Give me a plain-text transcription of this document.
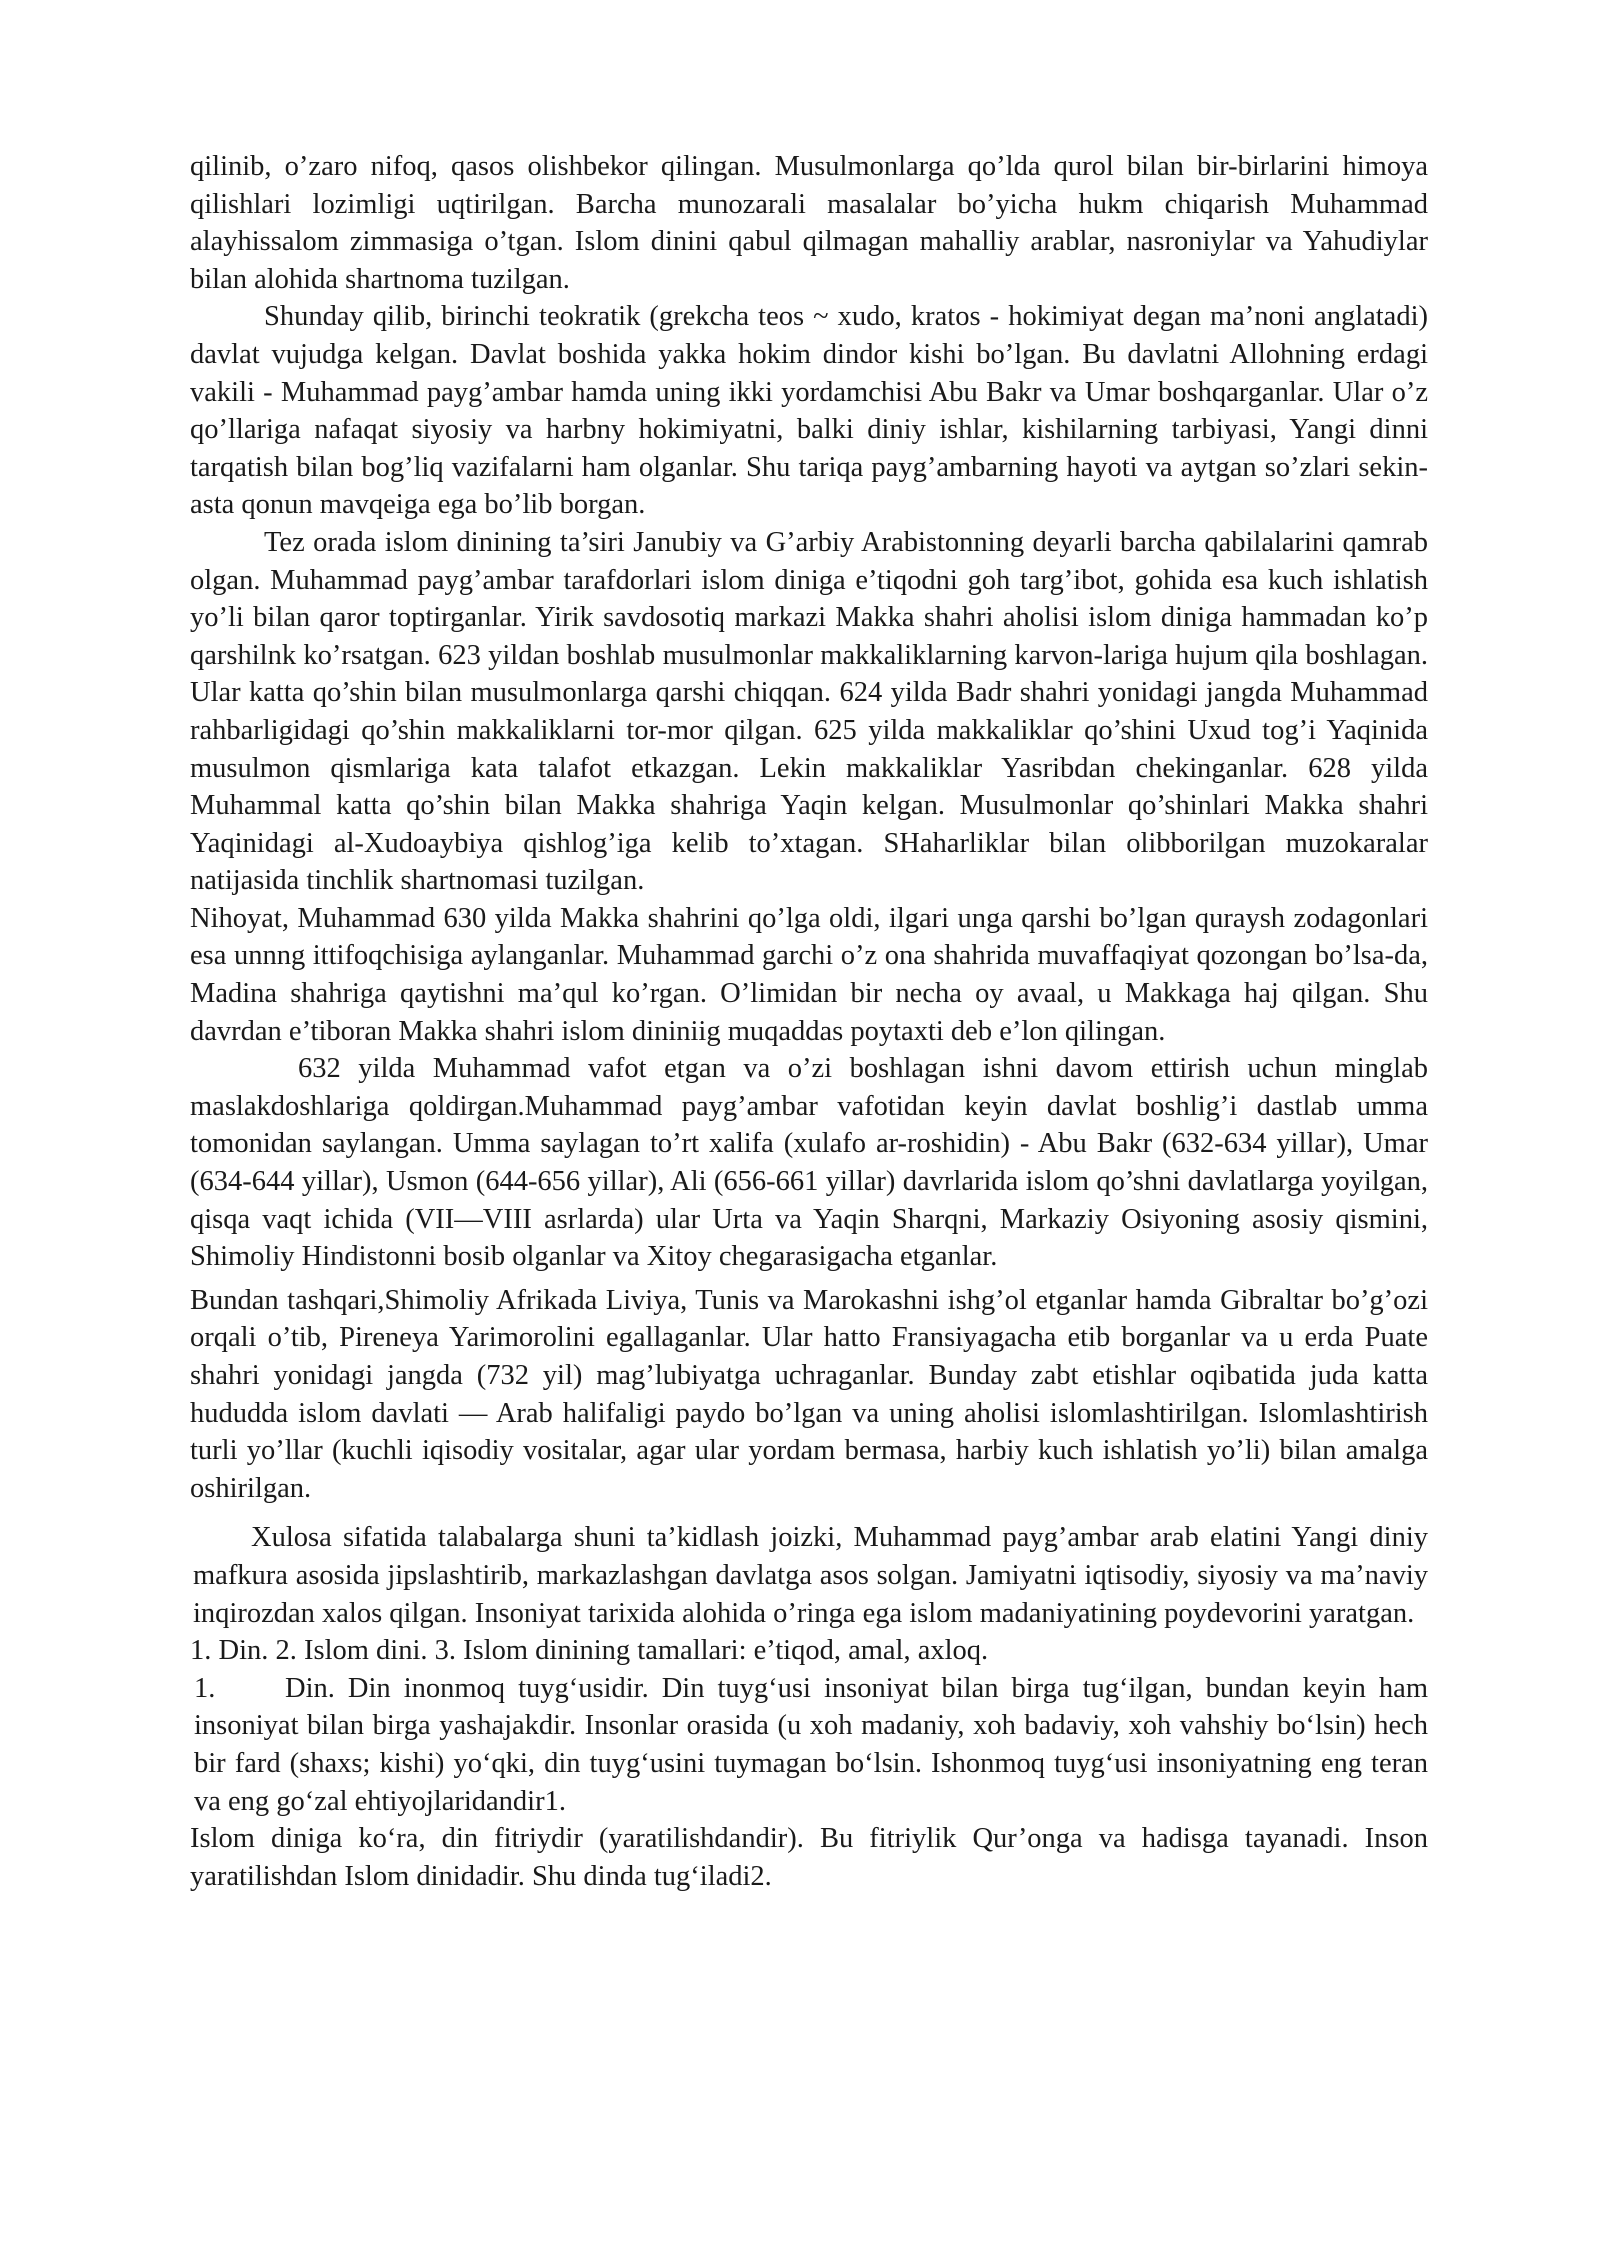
qilinib, o’zaro nifoq, qasos olishbekor qilingan. Musulmonlarga qo’lda qurol bilan bir-birlarini himoya qilishlari lozimligi uqtirilgan. Barcha munozarali masalalar bo’yicha hukm chiqarish Muhammad alayhissalom zimmasiga o’tgan. Islom dinini qabul qilmagan mahalliy arablar, nasroniylar va Yahudiylar bilan alohida shartnoma tuzilgan.

Shunday qilib, birinchi teokratik (grekcha teos ~ xudo, kratos - hokimiyat degan ma’noni anglatadi) davlat vujudga kelgan. Davlat boshida yakka hokim dindor kishi bo’lgan. Bu davlatni Allohning erdagi vakili - Muhammad payg’ambar hamda uning ikki yordamchisi Abu Bakr va Umar boshqarganlar. Ular o’z qo’llariga nafaqat siyosiy va harbny hokimiyatni, balki diniy ishlar, kishilarning tarbiyasi, Yangi dinni tarqatish bilan bog’liq vazifalarni ham olganlar. Shu tariqa payg’ambarning hayoti va aytgan so’zlari sekin-asta qonun mavqeiga ega bo’lib borgan.

Tez orada islom dinining ta’siri Janubiy va G’arbiy Arabistonning deyarli barcha qabilalarini qamrab olgan. Muhammad payg’ambar tarafdorlari islom diniga e’tiqodni goh targ’ibot, gohida esa kuch ishlatish yo’li bilan qaror toptirganlar. Yirik savdosotiq markazi Makka shahri aholisi islom diniga hammadan ko’p qarshilnk ko’rsatgan. 623 yildan boshlab musulmonlar makkaliklarning karvon-lariga hujum qila boshlagan. Ular katta qo’shin bilan musulmonlarga qarshi chiqqan. 624 yilda Badr shahri yonidagi jangda Muhammad rahbarligidagi qo’shin makkaliklarni tor-mor qilgan. 625 yilda makkaliklar qo’shini Uxud tog’i Yaqinida musulmon qismlariga kata talafot etkazgan. Lekin makkaliklar Yasribdan chekinganlar. 628 yilda Muhammal katta qo’shin bilan Makka shahriga Yaqin kelgan. Musulmonlar qo’shinlari Makka shahri Yaqinidagi al-Xudoaybiya qishlog’iga kelib to’xtagan. SHaharliklar bilan olibborilgan muzokaralar natijasida tinchlik shartnomasi tuzilgan.

Nihoyat, Muhammad 630 yilda Makka shahrini qo’lga oldi, ilgari unga qarshi bo’lgan quraysh zodagonlari esa unnng ittifoqchisiga aylanganlar. Muhammad garchi o’z ona shahrida muvaffaqiyat qozongan bo’lsa-da, Madina shahriga qaytishni ma’qul ko’rgan. O’limidan bir necha oy avaal, u Makkaga haj qilgan. Shu davrdan e’tiboran Makka shahri islom dininiig muqaddas poytaxti deb e’lon qilingan.

632 yilda Muhammad vafot etgan va o’zi boshlagan ishni davom ettirish uchun minglab maslakdoshlariga qoldirgan.Muhammad payg’ambar vafotidan keyin davlat boshlig’i dastlab umma tomonidan saylangan. Umma saylagan to’rt xalifa (xulafo ar-roshidin) - Abu Bakr (632-634 yillar), Umar (634-644 yillar), Usmon (644-656 yillar), Ali (656-661 yillar) davrlarida islom qo’shni davlatlarga yoyilgan, qisqa vaqt ichida (VII—VIII asrlarda) ular Urta va Yaqin Sharqni, Markaziy Osiyoning asosiy qismini, Shimoliy Hindistonni bosib olganlar va Xitoy chegarasigacha etganlar.

Bundan tashqari,Shimoliy Afrikada Liviya, Tunis va Marokashni ishg’ol etganlar hamda Gibraltar bo’g’ozi orqali o’tib, Pireneya Yarimorolini egallaganlar. Ular hatto Fransiyagacha etib borganlar va u erda Puate shahri yonidagi jangda (732 yil) mag’lubiyatga uchraganlar. Bunday zabt etishlar oqibatida juda katta hududda islom davlati — Arab halifaligi paydo bo’lgan va uning aholisi islomlashtirilgan. Islomlashtirish turli yo’llar (kuchli iqisodiy vositalar, agar ular yordam bermasa, harbiy kuch ishlatish yo’li) bilan amalga oshirilgan.

Xulosa sifatida talabalarga shuni ta’kidlash joizki, Muhammad payg’ambar arab elatini Yangi diniy mafkura asosida jipslashtirib, markazlashgan davlatga asos solgan. Jamiyatni iqtisodiy, siyosiy va ma’naviy inqirozdan xalos qilgan. Insoniyat tarixida alohida o’ringa ega islom madaniyatining poydevorini yaratgan.

1. Din. 2. Islom dini. 3. Islom dinining tamallari: e’tiqod, amal, axloq.

1. Din. Din inonmoq tuyg‘usidir. Din tuyg‘usi insoniyat bilan birga tug‘ilgan, bundan keyin ham insoniyat bilan birga yashajakdir. Insonlar orasida (u xoh madaniy, xoh badaviy, xoh vahshiy bo‘lsin) hech bir fard (shaxs; kishi) yo‘qki, din tuyg‘usini tuymagan bo‘lsin. Ishonmoq tuyg‘usi insoniyatning eng teran va eng go‘zal ehtiyojlaridandir1.

Islom diniga ko‘ra, din fitriydir (yaratilishdandir). Bu fitriylik Qur’onga va hadisga tayanadi. Inson yaratilishdan Islom dinidadir. Shu dinda tug‘iladi2.
